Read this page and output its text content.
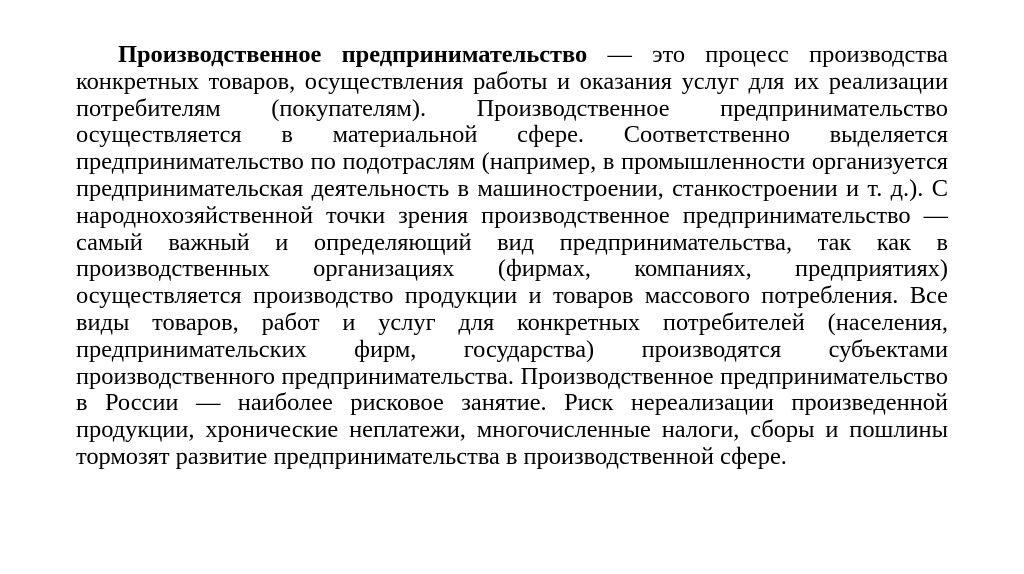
Производственное предпринимательство — это процесс производства конкретных товаров, осуществления работы и оказания услуг для их реализации потребителям (покупателям). Производственное предпринимательство осуществляется в материальной сфере. Соответственно выделяется предпринимательство по подотраслям (например, в промышленности организуется предпринимательская деятельность в машиностроении, станкостроении и т. д.). С народнохозяйственной точки зрения производственное предпринимательство — самый важный и определяющий вид предпринимательства, так как в производственных организациях (фирмах, компаниях, предприятиях) осуществляется производство продукции и товаров массового потребления. Все виды товаров, работ и услуг для конкретных потребителей (населения, предпринимательских фирм, государства) производятся субъектами производственного предпринимательства. Производственное предпринимательство в России — наиболее рисковое занятие. Риск нереализации произведенной продукции, хронические неплатежи, многочисленные налоги, сборы и пошлины тормозят развитие предпринимательства в производственной сфере.
